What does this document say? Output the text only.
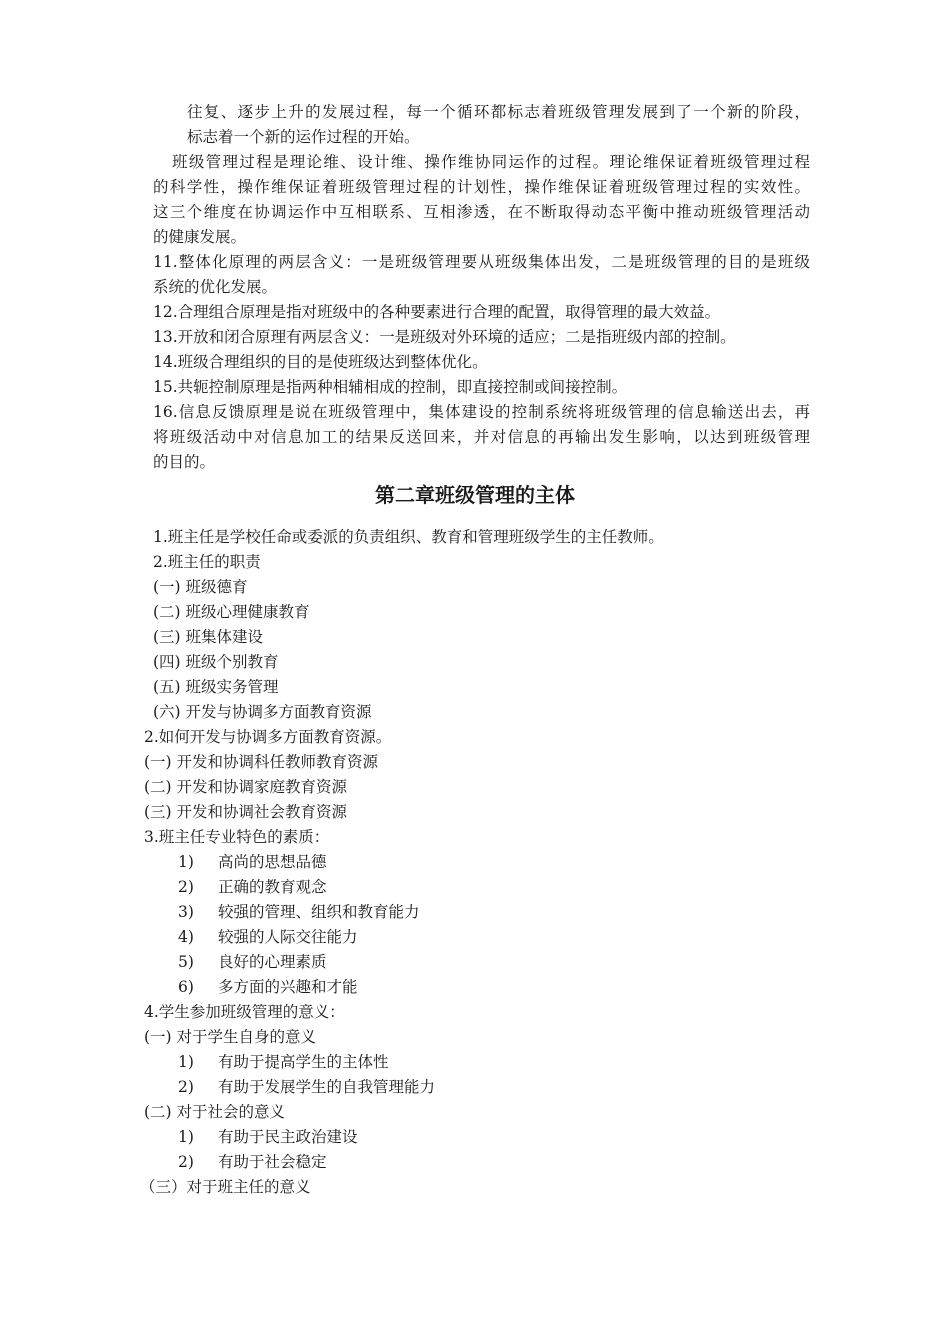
往复、逐步上升的发展过程，每一个循环都标志着班级管理发展到了一个新的阶段，

标志着一个新的运作过程的开始。

班级管理过程是理论维、设计维、操作维协同运作的过程。理论维保证着班级管理过程

的科学性，操作维保证着班级管理过程的计划性，操作维保证着班级管理过程的实效性。

这三个维度在协调运作中互相联系、互相渗透，在不断取得动态平衡中推动班级管理活动

的健康发展。

11.整体化原理的两层含义：一是班级管理要从班级集体出发，二是班级管理的目的是班级

系统的优化发展。

12.合理组合原理是指对班级中的各种要素进行合理的配置，取得管理的最大效益。

13.开放和闭合原理有两层含义：一是班级对外环境的适应；二是指班级内部的控制。

14.班级合理组织的目的是使班级达到整体优化。

15.共轭控制原理是指两种相辅相成的控制，即直接控制或间接控制。

16.信息反馈原理是说在班级管理中，集体建设的控制系统将班级管理的信息输送出去，再

将班级活动中对信息加工的结果反送回来，并对信息的再输出发生影响，以达到班级管理

的目的。

第二章班级管理的主体

1.班主任是学校任命或委派的负责组织、教育和管理班级学生的主任教师。

2.班主任的职责

(一) 班级德育

(二) 班级心理健康教育

(三) 班集体建设

(四) 班级个别教育

(五) 班级实务管理

(六) 开发与协调多方面教育资源

2.如何开发与协调多方面教育资源。

(一) 开发和协调科任教师教育资源

(二) 开发和协调家庭教育资源

(三) 开发和协调社会教育资源

3.班主任专业特色的素质：

1) 高尚的思想品德

2) 正确的教育观念

3) 较强的管理、组织和教育能力

4) 较强的人际交往能力

5) 良好的心理素质

6) 多方面的兴趣和才能

4.学生参加班级管理的意义：

(一) 对于学生自身的意义

1) 有助于提高学生的主体性

2) 有助于发展学生的自我管理能力

(二) 对于社会的意义

1) 有助于民主政治建设

2) 有助于社会稳定

（三）对于班主任的意义
